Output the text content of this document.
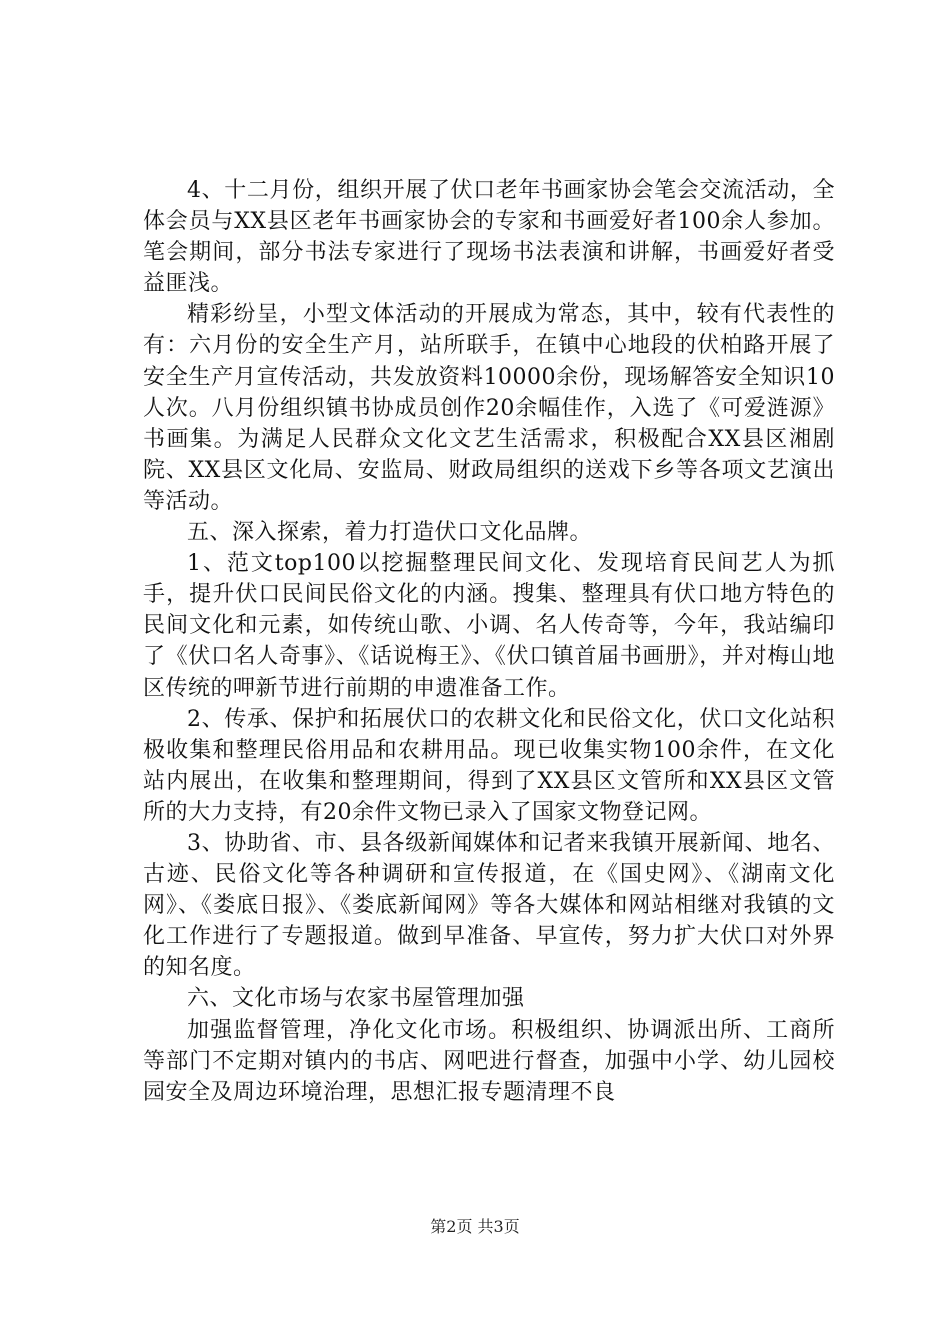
4、十二月份，组织开展了伏口老年书画家协会笔会交流活动，全体会员与XX县区老年书画家协会的专家和书画爱好者100余人参加。笔会期间，部分书法专家进行了现场书法表演和讲解，书画爱好者受益匪浅。

精彩纷呈，小型文体活动的开展成为常态，其中，较有代表性的有：六月份的安全生产月，站所联手，在镇中心地段的伏柏路开展了安全生产月宣传活动，共发放资料10000余份，现场解答安全知识10人次。八月份组织镇书协成员创作20余幅佳作，入选了《可爱涟源》书画集。为满足人民群众文化文艺生活需求，积极配合XX县区湘剧院、XX县区文化局、安监局、财政局组织的送戏下乡等各项文艺演出等活动。

五、深入探索，着力打造伏口文化品牌。

1、范文top100以挖掘整理民间文化、发现培育民间艺人为抓手，提升伏口民间民俗文化的内涵。搜集、整理具有伏口地方特色的民间文化和元素，如传统山歌、小调、名人传奇等，今年，我站编印了《伏口名人奇事》、《话说梅王》、《伏口镇首届书画册》，并对梅山地区传统的呷新节进行前期的申遗准备工作。

2、传承、保护和拓展伏口的农耕文化和民俗文化，伏口文化站积极收集和整理民俗用品和农耕用品。现已收集实物100余件，在文化站内展出，在收集和整理期间，得到了XX县区文管所和XX县区文管所的大力支持，有20余件文物已录入了国家文物登记网。

3、协助省、市、县各级新闻媒体和记者来我镇开展新闻、地名、古迹、民俗文化等各种调研和宣传报道，在《国史网》、《湖南文化网》、《娄底日报》、《娄底新闻网》等各大媒体和网站相继对我镇的文化工作进行了专题报道。做到早准备、早宣传，努力扩大伏口对外界的知名度。

六、文化市场与农家书屋管理加强

加强监督管理，净化文化市场。积极组织、协调派出所、工商所等部门不定期对镇内的书店、网吧进行督查，加强中小学、幼儿园校园安全及周边环境治理，思想汇报专题清理不良

第2页 共3页
